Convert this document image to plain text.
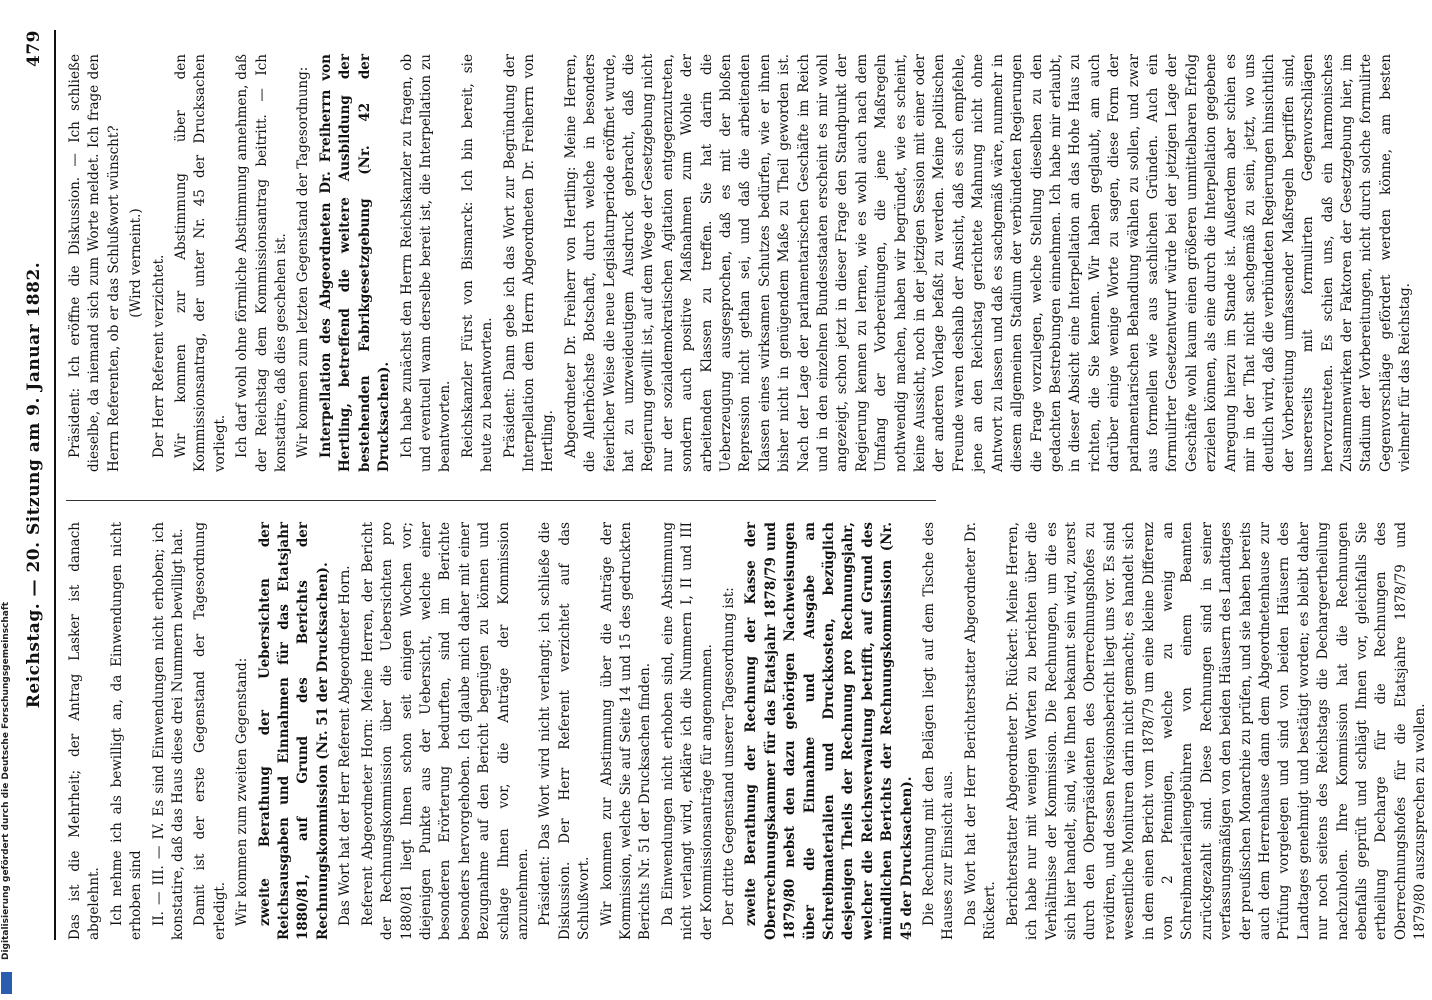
Reichstag. — 20. Sitzung am 9. Januar 1882.
479

Das ist die Mehrheit; der Antrag Lasker ist danach abgelehnt. Ich nehme ich als bewilligt an, da Einwendungen nicht erhoben sind II. — III. — IV. Es sind Einwendungen nicht erhoben; ich konstatire, daß das Haus diese drei Nummern bewilligt hat. Damit ist der erste Gegenstand der Tagesordnung erledigt. Wir kommen zum zweiten Gegenstand: zweite Berathung der Uebersichten der Reichsausgaben und Einnahmen für das Etatsjahr 1880/81, auf Grund des Berichts der Rechnungskommission (Nr. 51 der Drucksachen). Das Wort hat der Herr Referent Abgeordneter Horn. Referent Abgeordneter Horn: Meine Herren, der Bericht der Rechnungskommission über die Uebersichten pro 1880/81 liegt Ihnen schon seit einigen Wochen vor; diejenigen Punkte aus der Uebersicht, welche einer besonderen Erörterung bedurften, sind im Berichte besonders hervorgehoben. Ich glaube mich daher mit einer Bezugnahme auf den Bericht begnügen zu können und schlage Ihnen vor, die Anträge der Kommission anzunehmen. Präsident: Das Wort wird nicht verlangt; ich schließe die Diskussion. Der Herr Referent verzichtet auf das Schlußwort. Wir kommen zur Abstimmung über die Anträge der Kommission, welche Sie auf Seite 14 und 15 des gedruckten Berichts Nr. 51 der Drucksachen finden. Da Einwendungen nicht erhoben sind, eine Abstimmung nicht verlangt wird, erkläre ich die Nummern I, II und III der Kommissionsanträge für angenommen. Der dritte Gegenstand unserer Tagesordnung ist: zweite Berathung der Rechnung der Kasse der Oberrechnungskammer für das Etatsjahr 1878/79 und 1879/80 nebst den dazu gehörigen Nachweisungen über die Einnahme und Ausgabe an Schreibmaterialien und Druckkosten, bezüglich desjenigen Theils der Rechnung pro Rechnungsjahr, welcher die Reichsverwaltung betrifft, auf Grund des mündlichen Berichts der Rechnungskommission (Nr. 45 der Drucksachen). Die Rechnung mit den Belägen liegt auf dem Tische des Hauses zur Einsicht aus. Das Wort hat der Herr Berichterstatter Abgeordneter Dr. Rückert. Berichterstatter Abgeordneter Dr. Rückert: Meine Herren, ich habe nur mit wenigen Worten zu berichten über die Verhältnisse der Kommission. Die Rechnungen, um die es sich hier handelt, sind, wie Ihnen bekannt sein wird, zuerst durch den Oberpräsidenten des Oberrechnungshofes zu revidiren, und dessen Revisionsbericht liegt uns vor. Es sind wesentliche Monituren darin nicht gemacht; es handelt sich in dem einen Bericht vom 1878/79 um eine kleine Differenz von 2 Pfennigen, welche zu wenig an Schreibmaterialiengebühren von einem Beamten zurückgezahlt sind. Diese Rechnungen sind in seiner verfassungsmäßigen von den beiden Häusern des Landtages der preußischen Monarchie zu prüfen, und sie haben bereits auch dem Herrenhause dann dem Abgeordnetenhause zur Prüfung vorgelegen und sind von beiden Häusern des Landtages genehmigt und bestätigt worden; es bleibt daher nur noch seitens des Reichstags die Dechargeertheilung nachzuholen. Ihre Kommission hat die Rechnungen ebenfalls geprüft und schlägt Ihnen vor, gleichfalls Sie ertheilung Decharge für die Rechnungen des Oberrechnungshofes für die Etatsjahre 1878/79 und 1879/80 auszusprechen zu wollen.

Präsident: Ich eröffne die Diskussion. — Ich schließe dieselbe, da niemand sich zum Worte meldet. Ich frage den Herrn Referenten, ob er das Schlußwort wünscht? (Wird verneint.) Der Herr Referent verzichtet. Wir kommen zur Abstimmung über den Kommissionsantrag, der unter Nr. 45 der Drucksachen vorliegt. Ich darf wohl ohne förmliche Abstimmung annehmen, daß der Reichstag dem Kommissionsantrag beitritt. — Ich konstatire, daß dies geschehen ist. Wir kommen zum letzten Gegenstand der Tagesordnung: Interpellation des Abgeordneten Dr. Freiherrn von Hertling, betreffend die weitere Ausbildung der bestehenden Fabrikgesetzgebung (Nr. 42 der Drucksachen). Ich habe zunächst den Herrn Reichskanzler zu fragen, ob und eventuell wann derselbe bereit ist, die Interpellation zu beantworten. Reichskanzler Fürst von Bismarck: Ich bin bereit, sie heute zu beantworten. Präsident: Dann gebe ich das Wort zur Begründung der Interpellation dem Herrn Abgeordneten Dr. Freiherrn von Hertling. Abgeordneter Dr. Freiherr von Hertling: Meine Herren, die Allerhöchste Botschaft, durch welche in besonders feierlicher Weise die neue Legislaturperiode eröffnet wurde, hat zu unzweideutigem Ausdruck gebracht, daß die Regierung gewillt ist, auf dem Wege der Gesetzgebung nicht nur der sozialdemokratischen Agitation entgegenzutreten, sondern auch positive Maßnahmen zum Wohle der arbeitenden Klassen zu treffen. Sie hat darin die Ueberzeugung ausgesprochen, daß es mit der bloßen Repression nicht gethan sei, und daß die arbeitenden Klassen eines wirksamen Schutzes bedürfen, wie er ihnen bisher nicht in genügendem Maße zu Theil geworden ist. Nach der Lage der parlamentarischen Geschäfte im Reich und in den einzelnen Bundesstaaten erscheint es mir wohl angezeigt, schon jetzt in dieser Frage den Standpunkt der Regierung kennen zu lernen, wie es wohl auch nach dem Umfang der Vorbereitungen, die jene Maßregeln nothwendig machen, haben wir begründet, wie es scheint, keine Aussicht, noch in der jetzigen Session mit einer oder der anderen Vorlage befaßt zu werden. Meine politischen Freunde waren deshalb der Ansicht, daß es sich empfehle, jene an den Reichstag gerichtete Mahnung nicht ohne Antwort zu lassen und daß es sachgemäß wäre, nunmehr in diesem allgemeinen Stadium der verbündeten Regierungen die Frage vorzulegen, welche Stellung dieselben zu den gedachten Bestrebungen einnehmen. Ich habe mir erlaubt, in dieser Absicht eine Interpellation an das Hohe Haus zu richten, die Sie kennen. Wir haben geglaubt, am auch darüber einige wenige Worte zu sagen, diese Form der parlamentarischen Behandlung wählen zu sollen, und zwar aus formellen wie aus sachlichen Gründen. Auch ein formulirter Gesetzentwurf würde bei der jetzigen Lage der Geschäfte wohl kaum einen größeren unmittelbaren Erfolg erzielen können, als eine durch die Interpellation gegebene Anregung hierzu im Stande ist. Außerdem aber schien es mir in der That nicht sachgemäß zu sein, jetzt, wo uns deutlich wird, daß die verbündeten Regierungen hinsichtlich der Vorbereitung umfassender Maßregeln begriffen sind, unsererseits mit formulirten Gegenvorschlägen hervorzutreten. Es schien uns, daß ein harmonisches Zusammenwirken der Faktoren der Gesetzgebung hier, im Stadium der Vorbereitungen, nicht durch solche formulirte Gegenvorschläge gefördert werden könne, am besten vielmehr für das Reichstag.

Digitalisierung gefördert durch die Deutsche Forschungsgemeinschaft
